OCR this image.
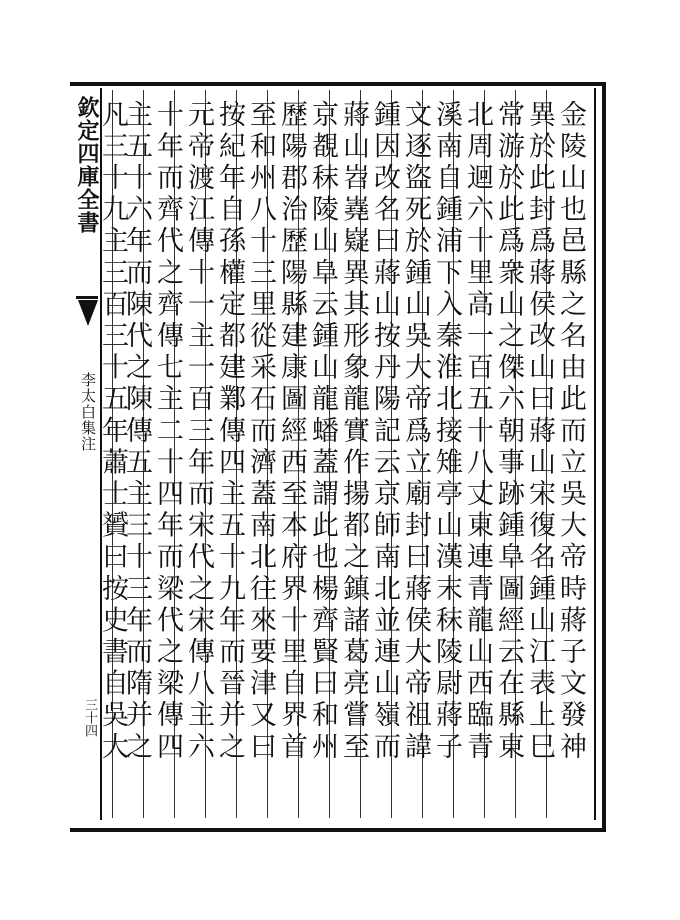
欽定四庫全書
李太白集注
三十四	金陵山也邑縣之名由此而立吳大帝時蔣子文發神
異於此封爲蔣侯改山曰蔣山宋復名鍾山江表上巳
常游於此爲衆山之傑六朝事跡鍾阜圖經云在縣東
北周迴六十里高一百五十八丈東連青龍山西臨青
溪南自鍾浦下入秦淮北接雉亭山漢末秣陵尉蔣子
文逐盜死於鍾山吳大帝爲立廟封曰蔣侯大帝祖諱
鍾因改名曰蔣山按丹陽記云京師南北並連山嶺而
蔣山岧嶤嶷異其形象龍實作揚都之鎮諸葛亮嘗至
京覩秣陵山阜云鍾山龍蟠蓋謂此也楊齊賢曰和州
歷陽郡治歷陽縣建康圖經西至本府界十里自界首
至和州八十三里從采石而濟蓋南北往來要津又曰
按紀年自孫權定都建鄴傳四主五十九年而晉并之
元帝渡江傳十一主一百三年而宋代之宋傳八主六
十年而齊代之齊傳七主二十四年而梁代之梁傳四
主五十六年而陳代之陳傳五主三十三年而隋并之
凡三十九主三百三十五年蕭士贇曰按史書自吳大
